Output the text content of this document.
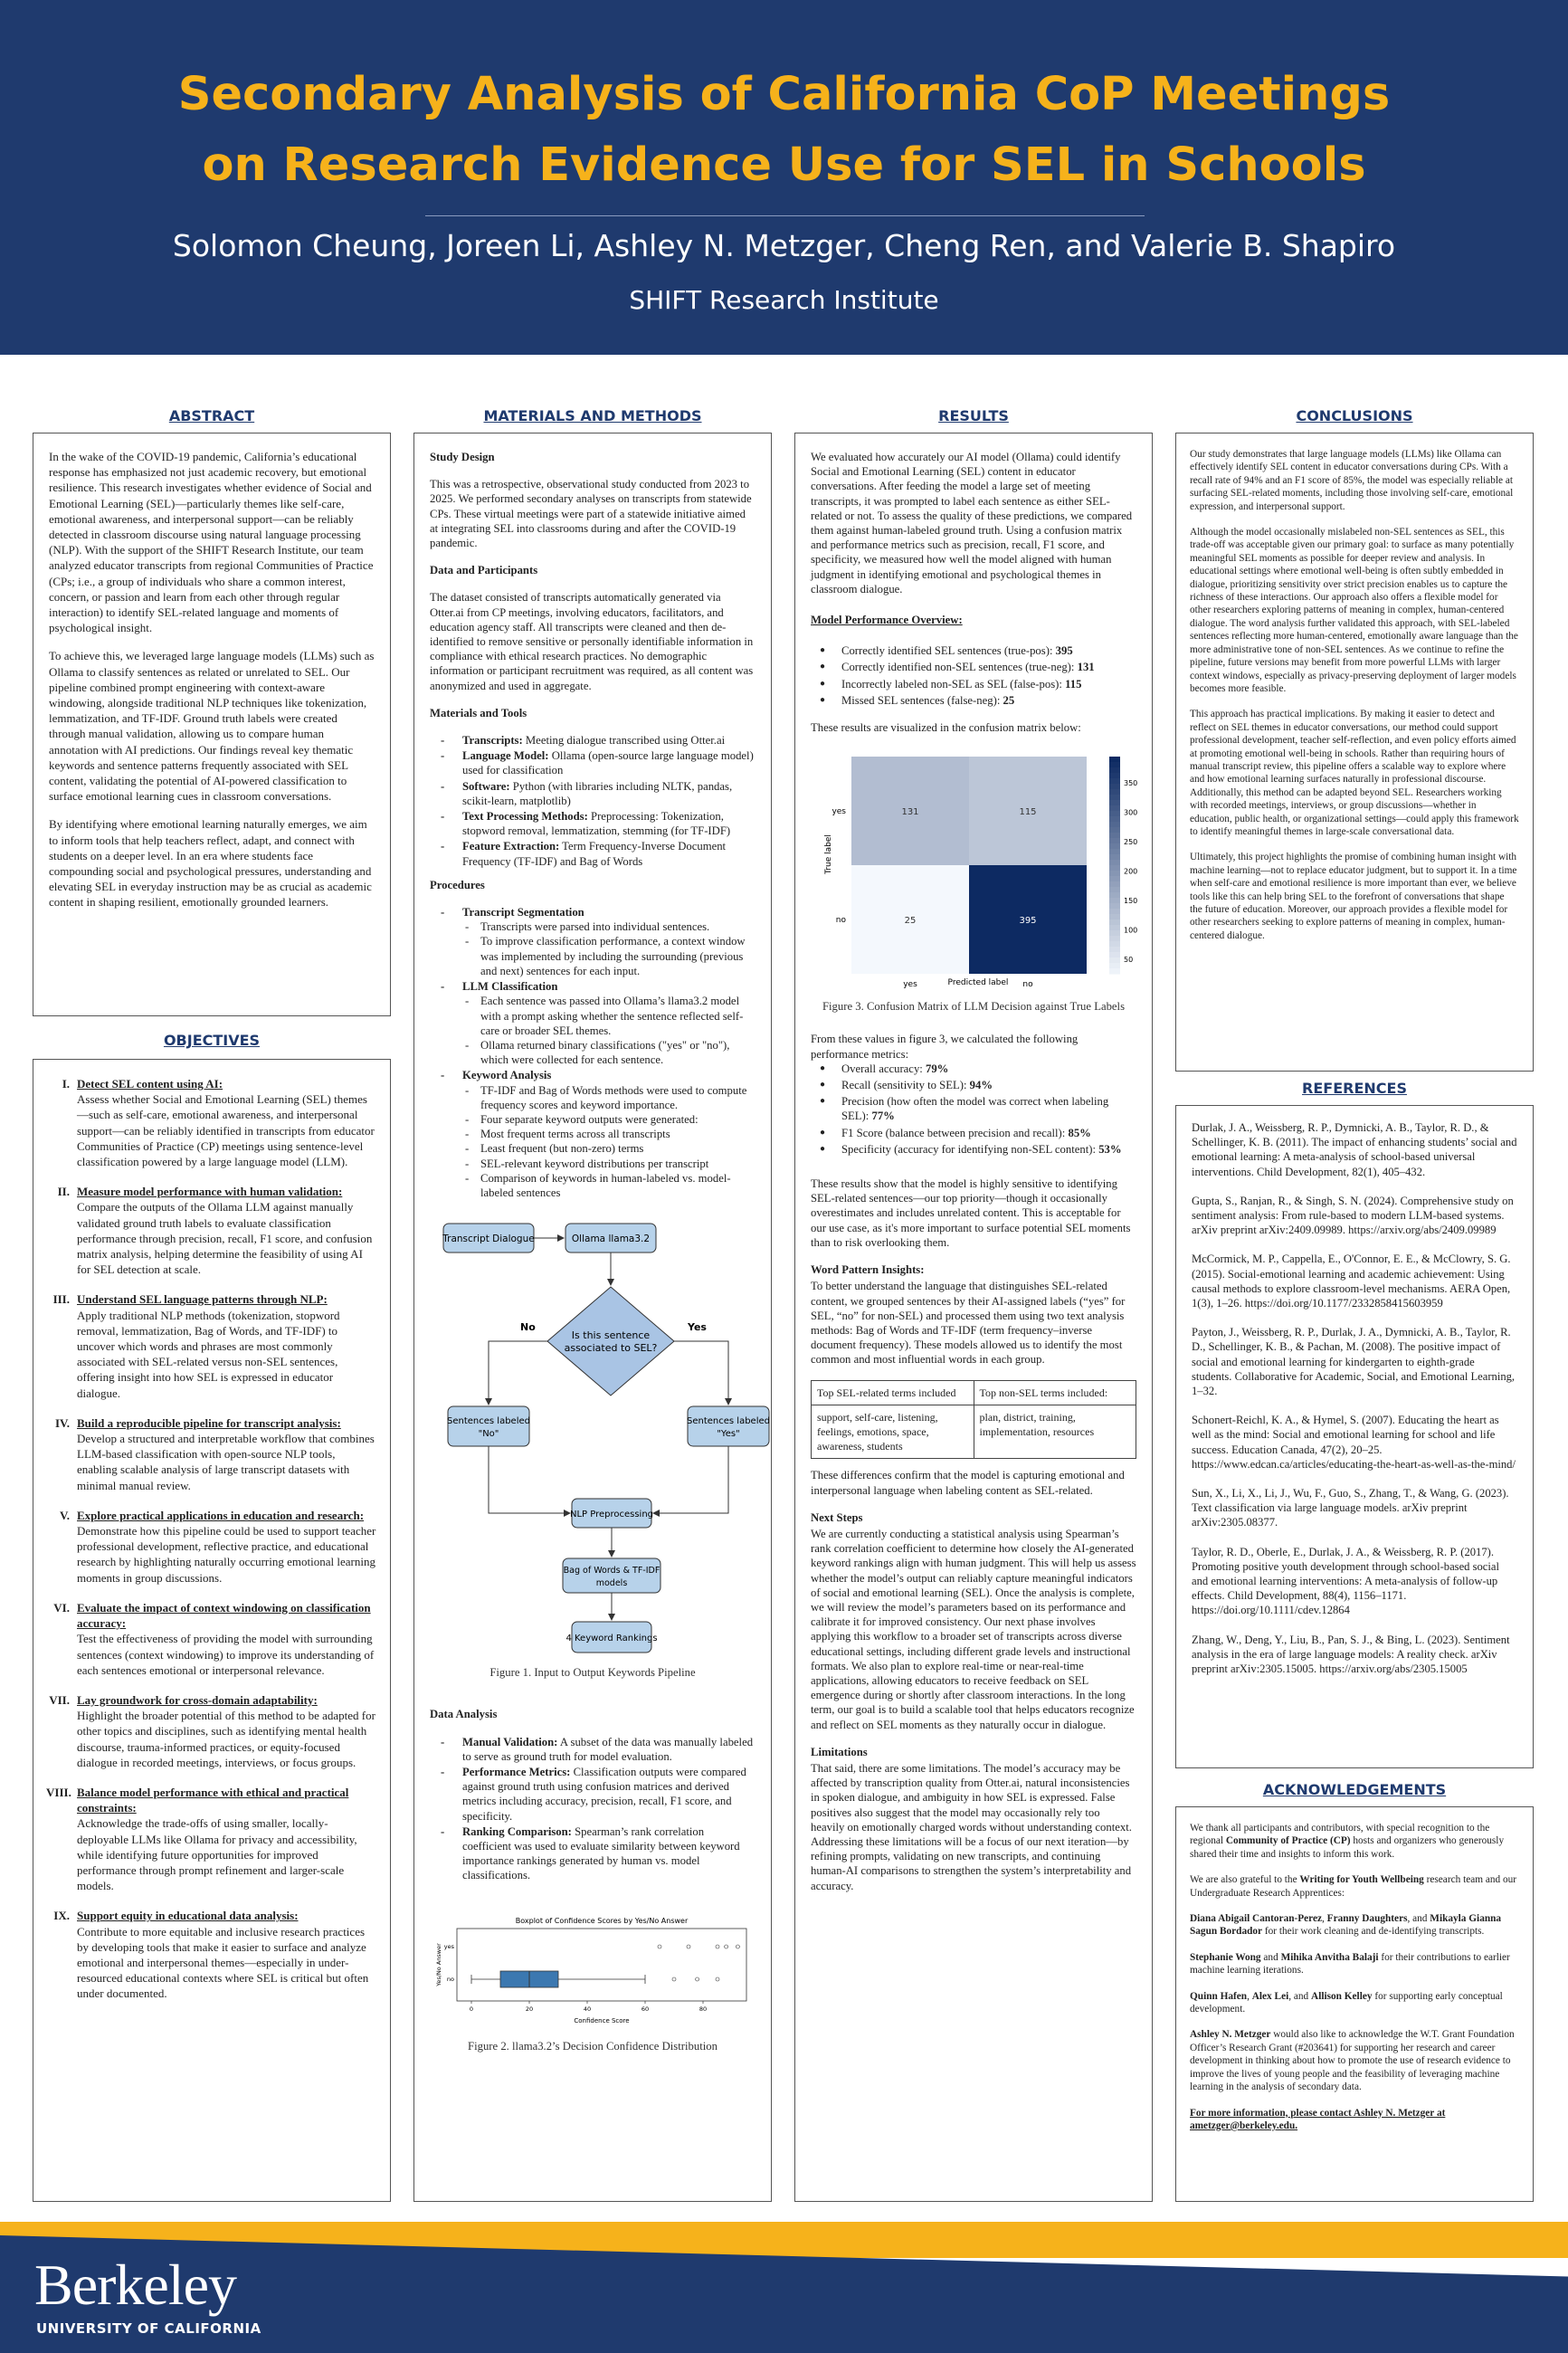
Secondary Analysis of California CoP Meetings
on Research Evidence Use for SEL in Schools
Solomon Cheung, Joreen Li, Ashley N. Metzger, Cheng Ren, and Valerie B. Shapiro
SHIFT Research Institute
ABSTRACT

In the wake of the COVID-19 pandemic, California’s educational response has emphasized not just academic recovery, but emotional resilience. This research investigates whether evidence of Social and Emotional Learning (SEL)—particularly themes like self-care, emotional awareness, and interpersonal support—can be reliably detected in classroom discourse using natural language processing (NLP). With the support of the SHIFT Research Institute, our team analyzed educator transcripts from regional Communities of Practice (CPs; i.e., a group of individuals who share a common interest, concern, or passion and learn from each other through regular interaction) to identify SEL-related language and moments of psychological insight.

To achieve this, we leveraged large language models (LLMs) such as Ollama to classify sentences as related or unrelated to SEL. Our pipeline combined prompt engineering with context-aware windowing, alongside traditional NLP techniques like tokenization, lemmatization, and TF-IDF. Ground truth labels were created through manual validation, allowing us to compare human annotation with AI predictions. Our findings reveal key thematic keywords and sentence patterns frequently associated with SEL content, validating the potential of AI-powered classification to surface emotional learning cues in classroom conversations.

By identifying where emotional learning naturally emerges, we aim to inform tools that help teachers reflect, adapt, and connect with students on a deeper level. In an era where students face compounding social and psychological pressures, understanding and elevating SEL in everyday instruction may be as crucial as academic content in shaping resilient, emotionally grounded learners.

OBJECTIVES
I. Detect SEL content using AI:
Assess whether Social and Emotional Learning (SEL) themes—such as self-care, emotional awareness, and interpersonal support—can be reliably identified in transcripts from educator Communities of Practice (CP) meetings using sentence-level classification powered by a large language model (LLM).
II. Measure model performance with human validation:
Compare the outputs of the Ollama LLM against manually validated ground truth labels to evaluate classification performance through precision, recall, F1 score, and confusion matrix analysis, helping determine the feasibility of using AI for SEL detection at scale.
III. Understand SEL language patterns through NLP:
Apply traditional NLP methods (tokenization, stopword removal, lemmatization, Bag of Words, and TF-IDF) to uncover which words and phrases are most commonly associated with SEL-related versus non-SEL sentences, offering insight into how SEL is expressed in educator dialogue.
IV. Build a reproducible pipeline for transcript analysis:
Develop a structured and interpretable workflow that combines LLM-based classification with open-source NLP tools, enabling scalable analysis of large transcript datasets with minimal manual review.
V. Explore practical applications in education and research:
Demonstrate how this pipeline could be used to support teacher professional development, reflective practice, and educational research by highlighting naturally occurring emotional learning moments in group discussions.
VI. Evaluate the impact of context windowing on classification accuracy:
Test the effectiveness of providing the model with surrounding sentences (context windowing) to improve its understanding of each sentences emotional or interpersonal relevance.
VII. Lay groundwork for cross-domain adaptability:
Highlight the broader potential of this method to be adapted for other topics and disciplines, such as identifying mental health discourse, trauma-informed practices, or equity-focused dialogue in recorded meetings, interviews, or focus groups.
VIII. Balance model performance with ethical and practical constraints:
Acknowledge the trade-offs of using smaller, locally-deployable LLMs like Ollama for privacy and accessibility, while identifying future opportunities for improved performance through prompt refinement and larger-scale models.
IX. Support equity in educational data analysis:
Contribute to more equitable and inclusive research practices by developing tools that make it easier to surface and analyze emotional and interpersonal themes—especially in under-resourced educational contexts where SEL is critical but often under documented.
MATERIALS AND METHODS
Study Design

This was a retrospective, observational study conducted from 2023 to 2025. We performed secondary analyses on transcripts from statewide CPs. These virtual meetings were part of a statewide initiative aimed at integrating SEL into classrooms during and after the COVID-19 pandemic.

Data and Participants

The dataset consisted of transcripts automatically generated via Otter.ai from CP meetings, involving educators, facilitators, and education agency staff. All transcripts were cleaned and then de-identified to remove sensitive or personally identifiable information in compliance with ethical research practices. No demographic information or participant recruitment was required, as all content was anonymized and used in aggregate.

Materials and Tools
- Transcripts: Meeting dialogue transcribed using Otter.ai
- Language Model: Ollama (open-source large language model) used for classification
- Software: Python (with libraries including NLTK, pandas, scikit-learn, matplotlib)
- Text Processing Methods: Preprocessing: Tokenization, stopword removal, lemmatization, stemming (for TF-IDF)
- Feature Extraction: Term Frequency-Inverse Document Frequency (TF-IDF) and Bag of Words
Procedures
- Transcript Segmentation
- Transcripts were parsed into individual sentences.
- To improve classification performance, a context window was implemented by including the surrounding (previous and next) sentences for each input.
- LLM Classification
- Each sentence was passed into Ollama’s llama3.2 model with a prompt asking whether the sentence reflected self-care or broader SEL themes.
- Ollama returned binary classifications ("yes" or "no"), which were collected for each sentence.
- Keyword Analysis
- TF-IDF and Bag of Words methods were used to compute frequency scores and keyword importance.
- Four separate keyword outputs were generated:
- Most frequent terms across all transcripts
- Least frequent (but non-zero) terms
- SEL-relevant keyword distributions per transcript
- Comparison of keywords in human-labeled vs. model-labeled sentences
Transcript Dialogue	Ollama llama3.2
Is this sentence
associated to SEL?
No	Yes
Sentences labeled
"No"
Sentences labeled
"Yes"
NLP Preprocessing
Bag of Words & TF-IDF
models
4 Keyword Rankings
Figure 1. Input to Output Keywords Pipeline
Data Analysis
- Manual Validation: A subset of the data was manually labeled to serve as ground truth for model evaluation.
- Performance Metrics: Classification outputs were compared against ground truth using confusion matrices and derived metrics including accuracy, precision, recall, F1 score, and specificity.
- Ranking Comparison: Spearman’s rank correlation coefficient was used to evaluate similarity between keyword importance rankings generated by human vs. model classifications.
Boxplot of Confidence Scores by Yes/No Answer
Confidence Score
Yes/No Answer
0	20	40	60	80
yes
no
Figure 2. llama3.2’s Decision Confidence Distribution
RESULTS

We evaluated how accurately our AI model (Ollama) could identify Social and Emotional Learning (SEL) content in educator conversations. After feeding the model a large set of meeting transcripts, it was prompted to label each sentence as either SEL-related or not. To assess the quality of these predictions, we compared them against human-labeled ground truth. Using a confusion matrix and performance metrics such as precision, recall, F1 score, and specificity, we measured how well the model aligned with human judgment in identifying emotional and psychological themes in classroom dialogue.

Model Performance Overview:
● Correctly identified SEL sentences (true-pos): 395
● Correctly identified non-SEL sentences (true-neg): 131
● Incorrectly labeled non-SEL as SEL (false-pos): 115
● Missed SEL sentences (false-neg): 25

These results are visualized in the confusion matrix below:

131	115
25	395
yes
no
yes	no
50
100
150
200
250
300
350
True label
Predicted label
Figure 3. Confusion Matrix of LLM Decision against True Labels

From these values in figure 3, we calculated the following performance metrics:

● Overall accuracy: 79%
● Recall (sensitivity to SEL): 94%
● Precision (how often the model was correct when labeling SEL): 77%
● F1 Score (balance between precision and recall): 85%
● Specificity (accuracy for identifying non-SEL content): 53%

These results show that the model is highly sensitive to identifying SEL-related sentences—our top priority—though it occasionally overestimates and includes unrelated content. This is acceptable for our use case, as it's more important to surface potential SEL moments than to risk overlooking them.

Word Pattern Insights:

To better understand the language that distinguishes SEL-related content, we grouped sentences by their AI-assigned labels (“yes” for SEL, “no” for non-SEL) and processed them using two text analysis methods: Bag of Words and TF-IDF (term frequency–inverse document frequency). These models allowed us to identify the most common and most influential words in each group.

Top SEL-related terms included	Top non-SEL terms included:
support, self-care, listening, feelings, emotions, space, awareness, students	plan, district, training, implementation, resources

These differences confirm that the model is capturing emotional and interpersonal language when labeling content as SEL-related.

Next Steps

We are currently conducting a statistical analysis using Spearman’s rank correlation coefficient to determine how closely the AI-generated keyword rankings align with human judgment. This will help us assess whether the model’s output can reliably capture meaningful indicators of social and emotional learning (SEL). Once the analysis is complete, we will review the model’s parameters based on its performance and calibrate it for improved consistency. Our next phase involves applying this workflow to a broader set of transcripts across diverse educational settings, including different grade levels and instructional formats. We also plan to explore real-time or near-real-time applications, allowing educators to receive feedback on SEL emergence during or shortly after classroom interactions. In the long term, our goal is to build a scalable tool that helps educators recognize and reflect on SEL moments as they naturally occur in dialogue.

Limitations

That said, there are some limitations. The model’s accuracy may be affected by transcription quality from Otter.ai, natural inconsistencies in spoken dialogue, and ambiguity in how SEL is expressed. False positives also suggest that the model may occasionally rely too heavily on emotionally charged words without understanding context. Addressing these limitations will be a focus of our next iteration—by refining prompts, validating on new transcripts, and continuing human-AI comparisons to strengthen the system’s interpretability and accuracy.

CONCLUSIONS

Our study demonstrates that large language models (LLMs) like Ollama can effectively identify SEL content in educator conversations during CPs. With a recall rate of 94% and an F1 score of 85%, the model was especially reliable at surfacing SEL-related moments, including those involving self-care, emotional expression, and interpersonal support.

Although the model occasionally mislabeled non-SEL sentences as SEL, this trade-off was acceptable given our primary goal: to surface as many potentially meaningful SEL moments as possible for deeper review and analysis. In educational settings where emotional well-being is often subtly embedded in dialogue, prioritizing sensitivity over strict precision enables us to capture the richness of these interactions. Our approach also offers a flexible model for other researchers exploring patterns of meaning in complex, human-centered dialogue. The word analysis further validated this approach, with SEL-labeled sentences reflecting more human-centered, emotionally aware language than the more administrative tone of non-SEL sentences. As we continue to refine the pipeline, future versions may benefit from more powerful LLMs with larger context windows, especially as privacy-preserving deployment of larger models becomes more feasible.

This approach has practical implications. By making it easier to detect and reflect on SEL themes in educator conversations, our method could support professional development, teacher self-reflection, and even policy efforts aimed at promoting emotional well-being in schools. Rather than requiring hours of manual transcript review, this pipeline offers a scalable way to explore where and how emotional learning surfaces naturally in professional discourse. Additionally, this method can be adapted beyond SEL. Researchers working with recorded meetings, interviews, or group discussions—whether in education, public health, or organizational settings—could apply this framework to identify meaningful themes in large-scale conversational data.

Ultimately, this project highlights the promise of combining human insight with machine learning—not to replace educator judgment, but to support it. In a time when self-care and emotional resilience is more important than ever, we believe tools like this can help bring SEL to the forefront of conversations that shape the future of education. Moreover, our approach provides a flexible model for other researchers seeking to explore patterns of meaning in complex, human-centered dialogue.

REFERENCES

Durlak, J. A., Weissberg, R. P., Dymnicki, A. B., Taylor, R. D., & Schellinger, K. B. (2011). The impact of enhancing students’ social and emotional learning: A meta‐analysis of school‐based universal interventions. Child Development, 82(1), 405–432.

Gupta, S., Ranjan, R., & Singh, S. N. (2024). Comprehensive study on sentiment analysis: From rule-based to modern LLM-based systems. arXiv preprint arXiv:2409.09989. https://arxiv.org/abs/2409.09989

McCormick, M. P., Cappella, E., O'Connor, E. E., & McClowry, S. G. (2015). Social-emotional learning and academic achievement: Using causal methods to explore classroom-level mechanisms. AERA Open, 1(3), 1–26. https://doi.org/10.1177/2332858415603959

Payton, J., Weissberg, R. P., Durlak, J. A., Dymnicki, A. B., Taylor, R. D., Schellinger, K. B., & Pachan, M. (2008). The positive impact of social and emotional learning for kindergarten to eighth-grade students. Collaborative for Academic, Social, and Emotional Learning, 1–32.

Schonert-Reichl, K. A., & Hymel, S. (2007). Educating the heart as well as the mind: Social and emotional learning for school and life success. Education Canada, 47(2), 20–25. https://www.edcan.ca/articles/educating-the-heart-as-well-as-the-mind/

Sun, X., Li, X., Li, J., Wu, F., Guo, S., Zhang, T., & Wang, G. (2023). Text classification via large language models. arXiv preprint arXiv:2305.08377.

Taylor, R. D., Oberle, E., Durlak, J. A., & Weissberg, R. P. (2017). Promoting positive youth development through school-based social and emotional learning interventions: A meta-analysis of follow-up effects. Child Development, 88(4), 1156–1171. https://doi.org/10.1111/cdev.12864

Zhang, W., Deng, Y., Liu, B., Pan, S. J., & Bing, L. (2023). Sentiment analysis in the era of large language models: A reality check. arXiv preprint arXiv:2305.15005. https://arxiv.org/abs/2305.15005

ACKNOWLEDGEMENTS

We thank all participants and contributors, with special recognition to the regional Community of Practice (CP) hosts and organizers who generously shared their time and insights to inform this work.

We are also grateful to the Writing for Youth Wellbeing research team and our Undergraduate Research Apprentices:

Diana Abigail Cantoran-Perez, Franny Daughters, and Mikayla Gianna Sagun Bordador for their work cleaning and de-identifying transcripts.

Stephanie Wong and Mihika Anvitha Balaji for their contributions to earlier machine learning iterations.

Quinn Hafen, Alex Lei, and Allison Kelley for supporting early conceptual development.

Ashley N. Metzger would also like to acknowledge the W.T. Grant Foundation Officer’s Research Grant (#203641) for supporting her research and career development in thinking about how to promote the use of research evidence to improve the lives of young people and the feasibility of leveraging machine learning in the analysis of secondary data.

For more information, please contact Ashley N. Metzger at ametzger@berkeley.edu.

Berkeley
UNIVERSITY OF CALIFORNIA
